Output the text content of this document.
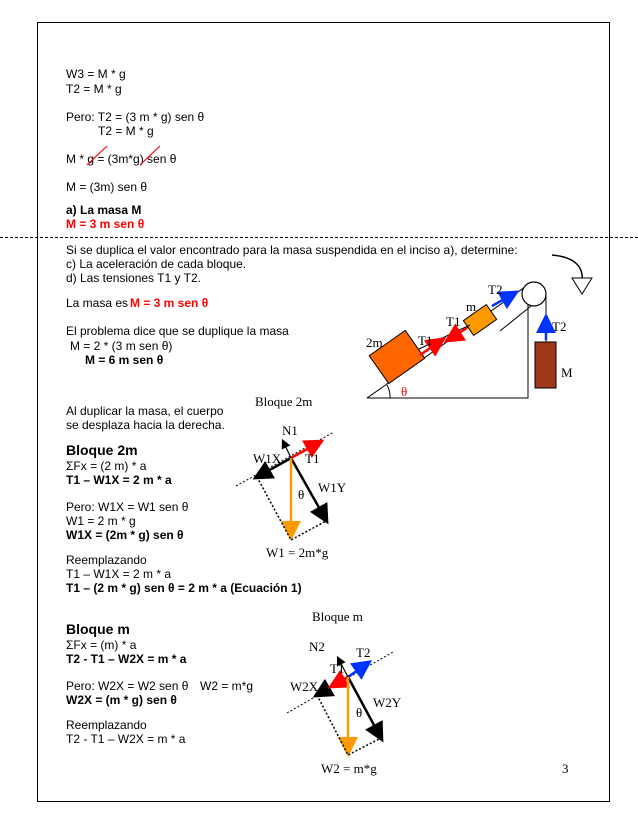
W3 = M * g
T2 = M * g
Pero: T2 = (3 m * g) sen θ
T2 = M * g
M * g = (3m*g) sen θ
M = (3m) sen θ
a) La masa M
M = 3 m sen θ
Si se duplica el valor encontrado para la masa suspendida en el inciso a), determine:
c) La aceleración de cada bloque.
d) Las tensiones T1 y T2.
La masa es M = 3 m sen θ
El problema dice que se duplique la masa
M = 2 * (3 m sen θ)
M = 6 m sen θ
Al duplicar la masa, el cuerpo
se desplaza hacia la derecha.
Bloque 2m
ΣFx = (2 m) * a
T1 – W1X = 2 m * a
Pero: W1X = W1 sen θ
W1 = 2 m * g
W1X = (2m * g) sen θ
Reemplazando
T1 – W1X = 2 m * a
T1 – (2 m * g) sen θ = 2 m * a (Ecuación 1)
Bloque m
ΣFx = (m) * a
T2 - T1 – W2X = m * a
Pero: W2X = W2 sen θ W2 = m*g
W2X = (m * g) sen θ
Reemplazando
T2 - T1 – W2X = m * a
3
T2
m
T1
2m	T1
T2
M
θ
Bloque 2m
N1
W1X T1
W1Y
θ
W1 = 2m*g
Bloque m
N2 T2
T1
W2X
W2Y
θ
W2 = m*g
